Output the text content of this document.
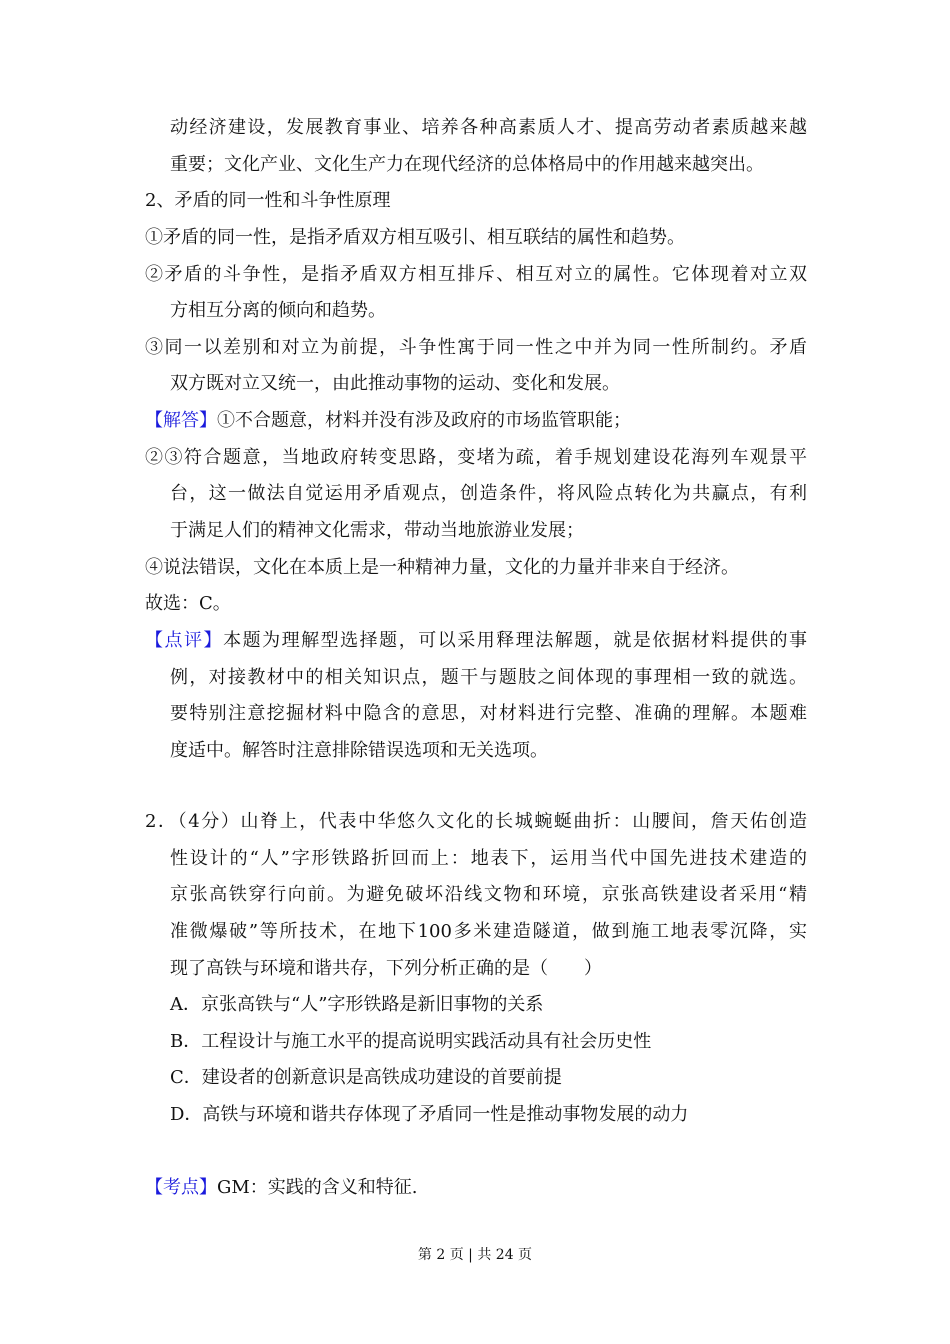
动经济建设，发展教育事业、培养各种高素质人才、提高劳动者素质越来越
重要；文化产业、文化生产力在现代经济的总体格局中的作用越来越突出。
2、矛盾的同一性和斗争性原理
①矛盾的同一性，是指矛盾双方相互吸引、相互联结的属性和趋势。
②矛盾的斗争性，是指矛盾双方相互排斥、相互对立的属性。它体现着对立双
方相互分离的倾向和趋势。
③同一以差别和对立为前提，斗争性寓于同一性之中并为同一性所制约。矛盾
双方既对立又统一，由此推动事物的运动、变化和发展。
【解答】①不合题意，材料并没有涉及政府的市场监管职能；
②③符合题意，当地政府转变思路，变堵为疏，着手规划建设花海列车观景平
台，这一做法自觉运用矛盾观点，创造条件，将风险点转化为共赢点，有利
于满足人们的精神文化需求，带动当地旅游业发展；
④说法错误，文化在本质上是一种精神力量，文化的力量并非来自于经济。
故选：C。
【点评】本题为理解型选择题，可以采用释理法解题，就是依据材料提供的事
例，对接教材中的相关知识点，题干与题肢之间体现的事理相一致的就选。
要特别注意挖掘材料中隐含的意思，对材料进行完整、准确的理解。本题难
度适中。解答时注意排除错误选项和无关选项。
2．（4分）山脊上，代表中华悠久文化的长城蜿蜒曲折：山腰间，詹天佑创造
性设计的“人”字形铁路折回而上：地表下，运用当代中国先进技术建造的
京张高铁穿行向前。为避免破坏沿线文物和环境，京张高铁建设者采用“精
准微爆破”等所技术，在地下100多米建造隧道，做到施工地表零沉降，实
现了高铁与环境和谐共存，下列分析正确的是（　　）
A．京张高铁与“人”字形铁路是新旧事物的关系
B．工程设计与施工水平的提高说明实践活动具有社会历史性
C．建设者的创新意识是高铁成功建设的首要前提
D．高铁与环境和谐共存体现了矛盾同一性是推动事物发展的动力
【考点】GM：实践的含义和特征.
第 2 页 | 共 24 页
